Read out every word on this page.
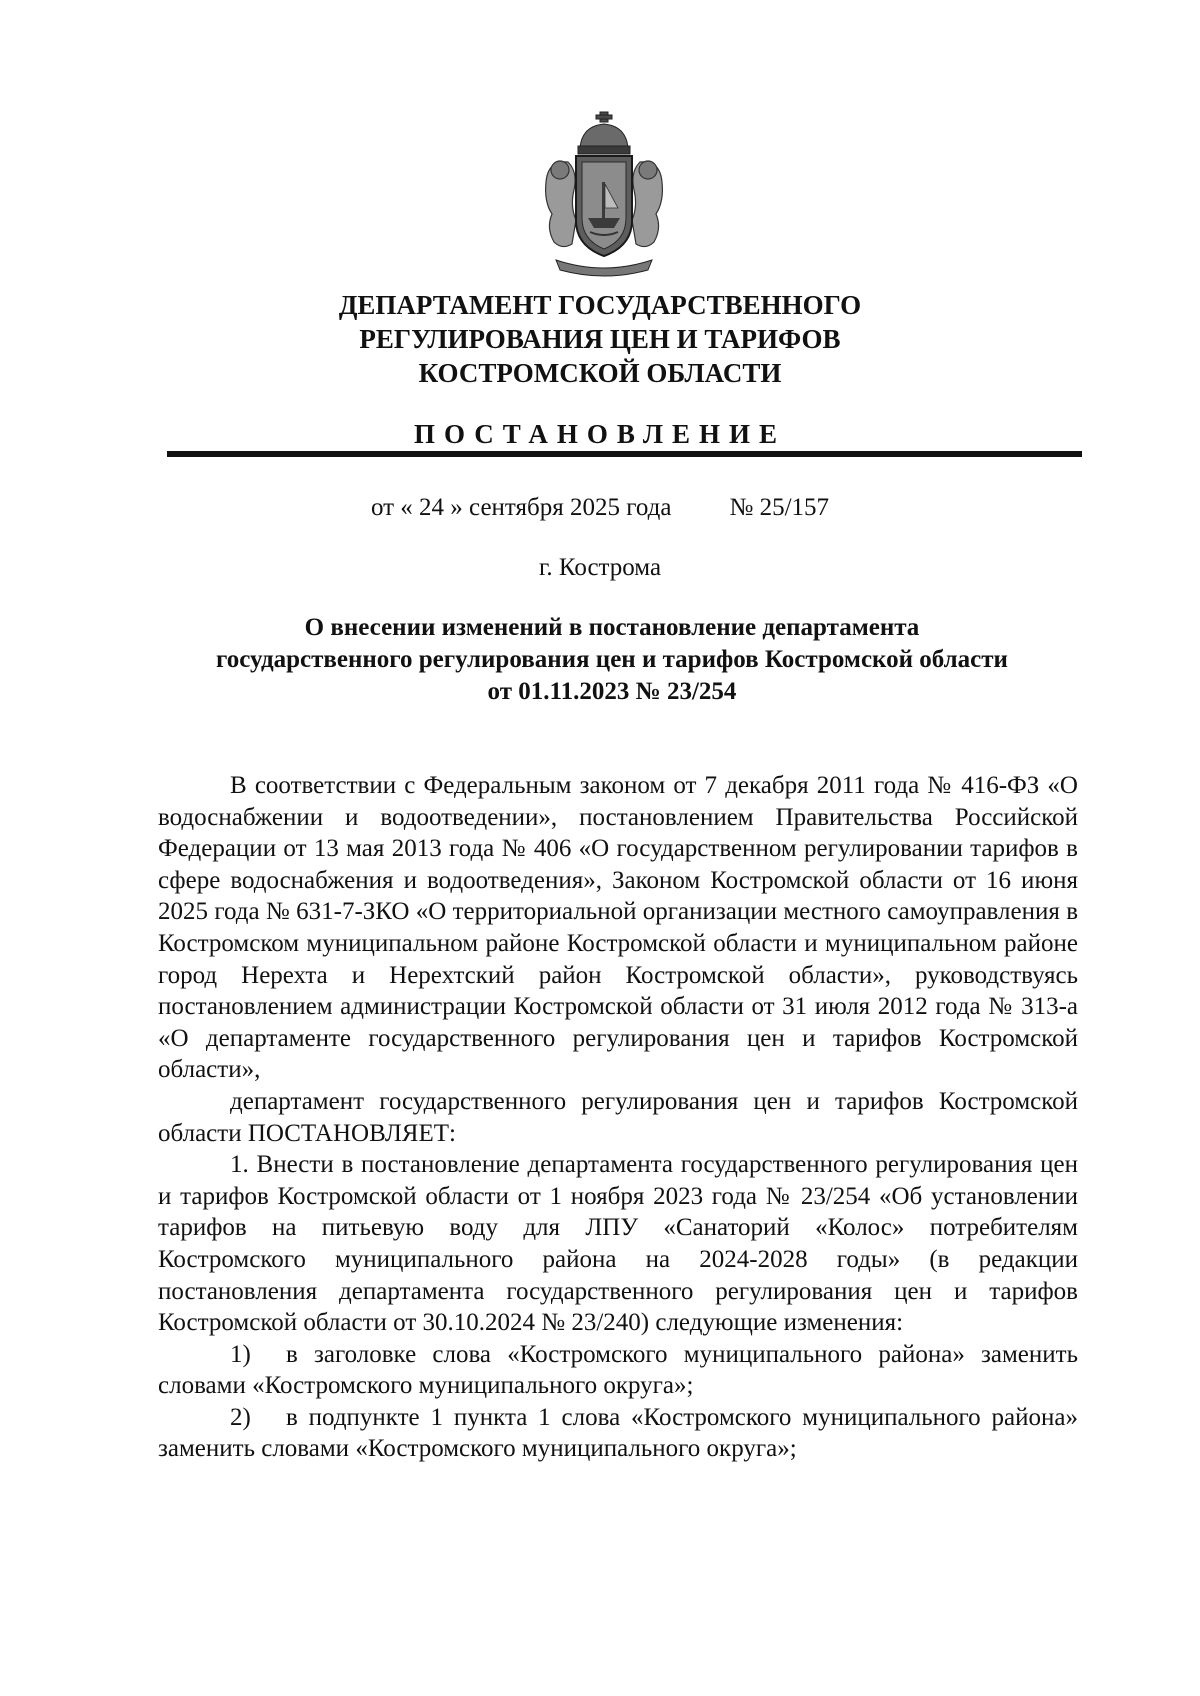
ДЕПАРТАМЕНТ ГОСУДАРСТВЕННОГО
РЕГУЛИРОВАНИЯ ЦЕН И ТАРИФОВ
КОСТРОМСКОЙ ОБЛАСТИ
ПОСТАНОВЛЕНИЕ
от « 24 » сентября 2025 года № 25/157
г. Кострома
О внесении изменений в постановление департамента
государственного регулирования цен и тарифов Костромской области
от 01.11.2023 № 23/254

В соответствии с Федеральным законом от 7 декабря 2011 года № 416-ФЗ «О водоснабжении и водоотведении», постановлением Правительства Российской Федерации от 13 мая 2013 года № 406 «О государственном регулировании тарифов в сфере водоснабжения и водоотведения», Законом Костромской области от 16 июня 2025 года № 631-7-ЗКО «О территориальной организации местного самоуправления в Костромском муниципальном районе Костромской области и муниципальном районе город Нерехта и Нерехтский район Костромской области», руководствуясь постановлением администрации Костромской области от 31 июля 2012 года № 313-а «О департаменте государственного регулирования цен и тарифов Костромской области»,

департамент государственного регулирования цен и тарифов Костромской области ПОСТАНОВЛЯЕТ:

1. Внести в постановление департамента государственного регулирования цен и тарифов Костромской области от 1 ноября 2023 года № 23/254 «Об установлении тарифов на питьевую воду для ЛПУ «Санаторий «Колос» потребителям Костромского муниципального района на 2024-2028 годы» (в редакции постановления департамента государственного регулирования цен и тарифов Костромской области от 30.10.2024 № 23/240) следующие изменения:

1) в заголовке слова «Костромского муниципального района» заменить словами «Костромского муниципального округа»;

2) в подпункте 1 пункта 1 слова «Костромского муниципального района» заменить словами «Костромского муниципального округа»;
